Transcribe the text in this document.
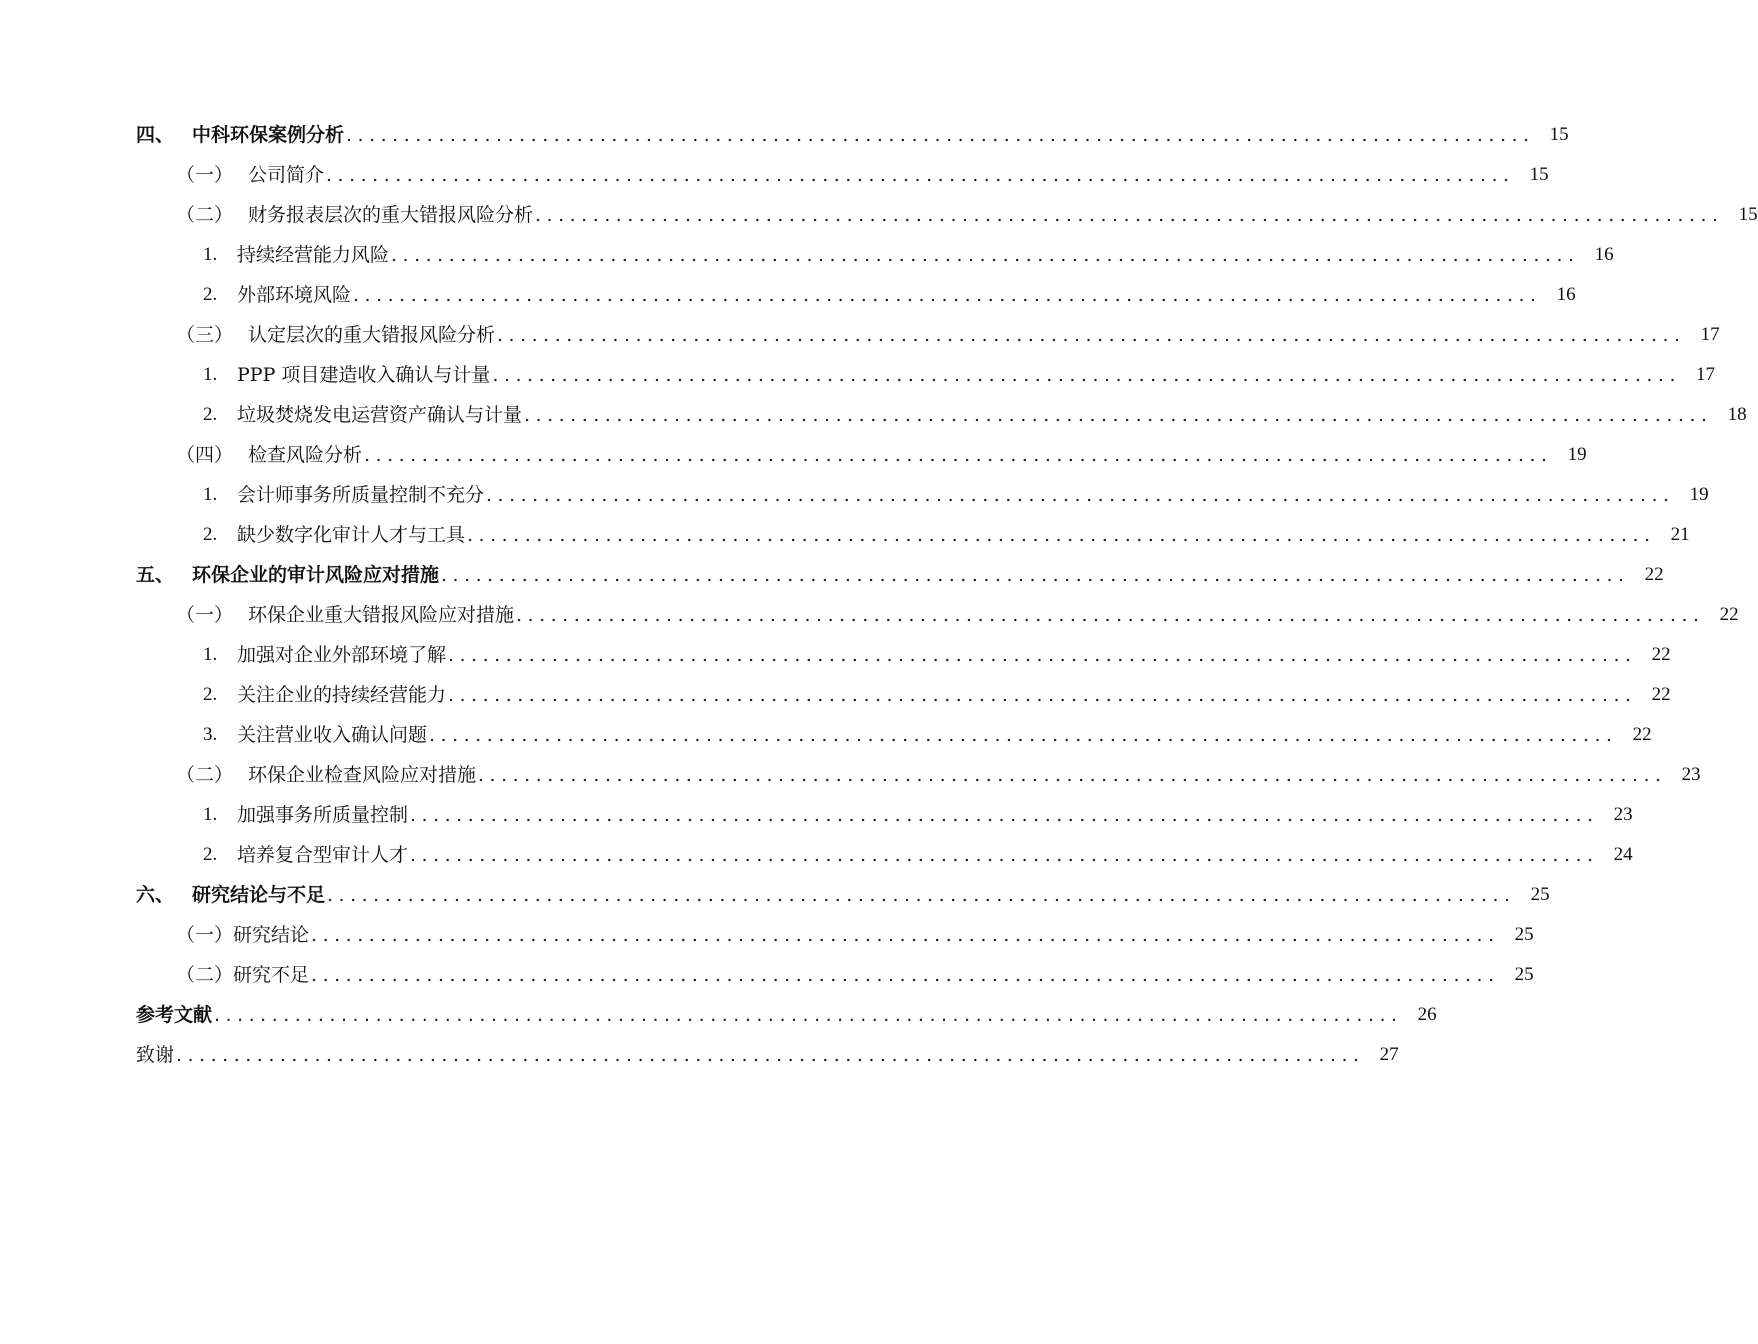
四、 中科环保案例分析 ....................................................................................................... 15
（一） 公司简介 ....................................................................................................... 15
（二） 财务报表层次的重大错报风险分析 ....................................................................................................... 15
1.	持续经营能力风险 ....................................................................................................... 16
2.	外部环境风险 ....................................................................................................... 16
（三） 认定层次的重大错报风险分析 ....................................................................................................... 17
1.	PPP 项目建造收入确认与计量 ....................................................................................................... 17
2.	垃圾焚烧发电运营资产确认与计量 ....................................................................................................... 18
（四） 检查风险分析 ....................................................................................................... 19
1.	会计师事务所质量控制不充分 ....................................................................................................... 19
2.	缺少数字化审计人才与工具 ....................................................................................................... 21
五、 环保企业的审计风险应对措施 ....................................................................................................... 22
（一） 环保企业重大错报风险应对措施 ....................................................................................................... 22
1.	加强对企业外部环境了解 ....................................................................................................... 22
2.	关注企业的持续经营能力 ....................................................................................................... 22
3.	关注营业收入确认问题 ....................................................................................................... 22
（二） 环保企业检查风险应对措施 ....................................................................................................... 23
1.	加强事务所质量控制 ....................................................................................................... 23
2.	培养复合型审计人才 ....................................................................................................... 24
六、 研究结论与不足 ....................................................................................................... 25
（一） 研究结论 ....................................................................................................... 25
（二） 研究不足 ....................................................................................................... 25
参考文献 ....................................................................................................... 26
致谢 ....................................................................................................... 27
